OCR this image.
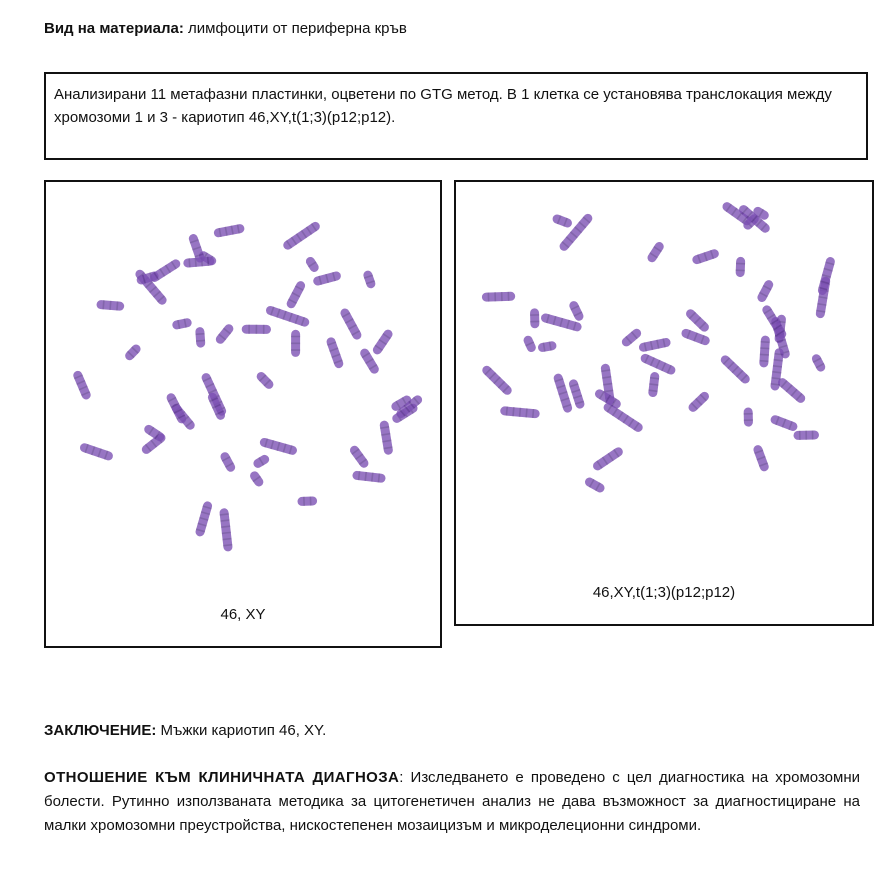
Вид на материала: лимфоцити от периферна кръв
Анализирани 11 метафазни пластинки, оцветени по GTG метод. В 1 клетка се установява транслокация между хромозоми 1 и 3 - кариотип 46,XY,t(1;3)(p12;p12).
46, XY
46,XY,t(1;3)(p12;p12)
ЗАКЛЮЧЕНИЕ: Мъжки кариотип 46, XY.
ОТНОШЕНИЕ КЪМ КЛИНИЧНАТА ДИАГНОЗА: Изследването е проведено с цел диагностика на хромозомни болести. Рутинно използваната методика за цитогенетичен анализ не дава възможност за диагностициране на малки хромозомни преустройства, нискостепенен мозаицизъм и микроделеционни синдроми.
